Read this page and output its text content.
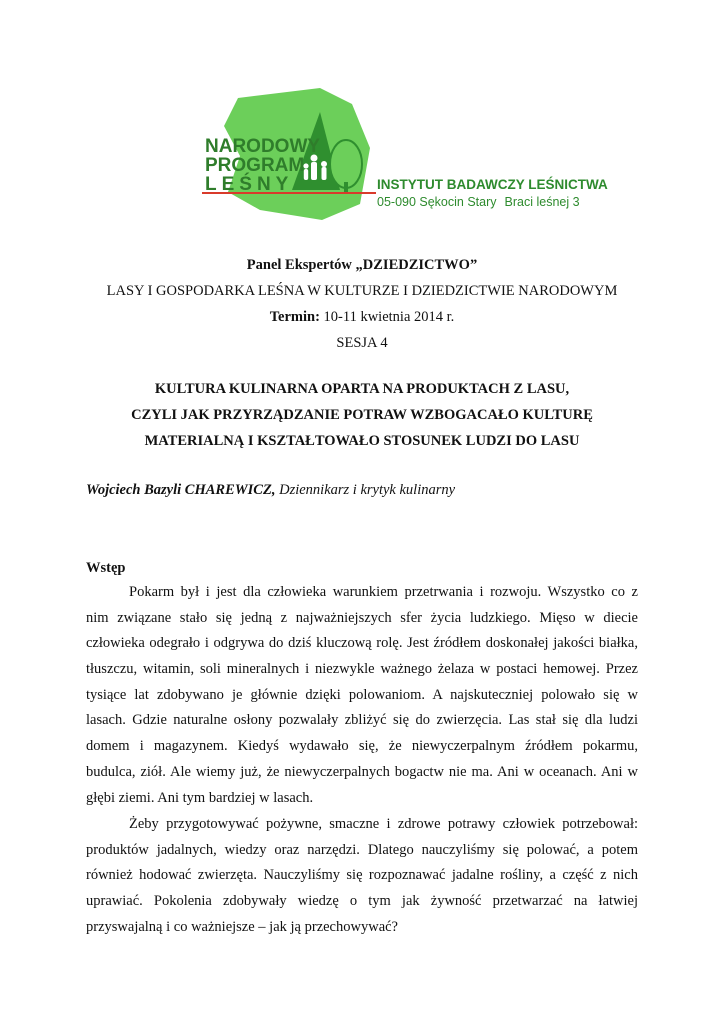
NARODOWY
PROGRAM
LEŚNY	INSTYTUT BADAWCZY LEŚNICTWA
05-090 Sękocin Stary Braci leśnej 3
Panel Ekspertów „DZIEDZICTWO”
LASY I GOSPODARKA LEŚNA W KULTURZE I DZIEDZICTWIE NARODOWYM
Termin: 10-11 kwietnia 2014 r.
SESJA 4
KULTURA KULINARNA OPARTA NA PRODUKTACH Z LASU,
CZYLI JAK PRZYRZĄDZANIE POTRAW WZBOGACAŁO KULTURĘ
MATERIALNĄ I KSZTAŁTOWAŁO STOSUNEK LUDZI DO LASU
Wojciech Bazyli CHAREWICZ, Dziennikarz i krytyk kulinarny
Wstęp
Pokarm był i jest dla człowieka warunkiem przetrwania i rozwoju. Wszystko co z
nim związane stało się jedną z najważniejszych sfer życia ludzkiego. Mięso w diecie
człowieka odegrało i odgrywa do dziś kluczową rolę. Jest źródłem doskonałej jakości białka,
tłuszczu, witamin, soli mineralnych i niezwykle ważnego żelaza w postaci hemowej. Przez
tysiące lat zdobywano je głównie dzięki polowaniom. A najskuteczniej polowało się w
lasach. Gdzie naturalne osłony pozwalały zbliżyć się do zwierzęcia. Las stał się dla ludzi
domem i magazynem. Kiedyś wydawało się, że niewyczerpalnym źródłem pokarmu,
budulca, ziół. Ale wiemy już, że niewyczerpalnych bogactw nie ma. Ani w oceanach. Ani w
głębi ziemi. Ani tym bardziej w lasach.
Żeby przygotowywać pożywne, smaczne i zdrowe potrawy człowiek potrzebował:
produktów jadalnych, wiedzy oraz narzędzi. Dlatego nauczyliśmy się polować, a potem
również hodować zwierzęta. Nauczyliśmy się rozpoznawać jadalne rośliny, a część z nich
uprawiać. Pokolenia zdobywały wiedzę o tym jak żywność przetwarzać na łatwiej
przyswajalną i co ważniejsze – jak ją przechowywać?
